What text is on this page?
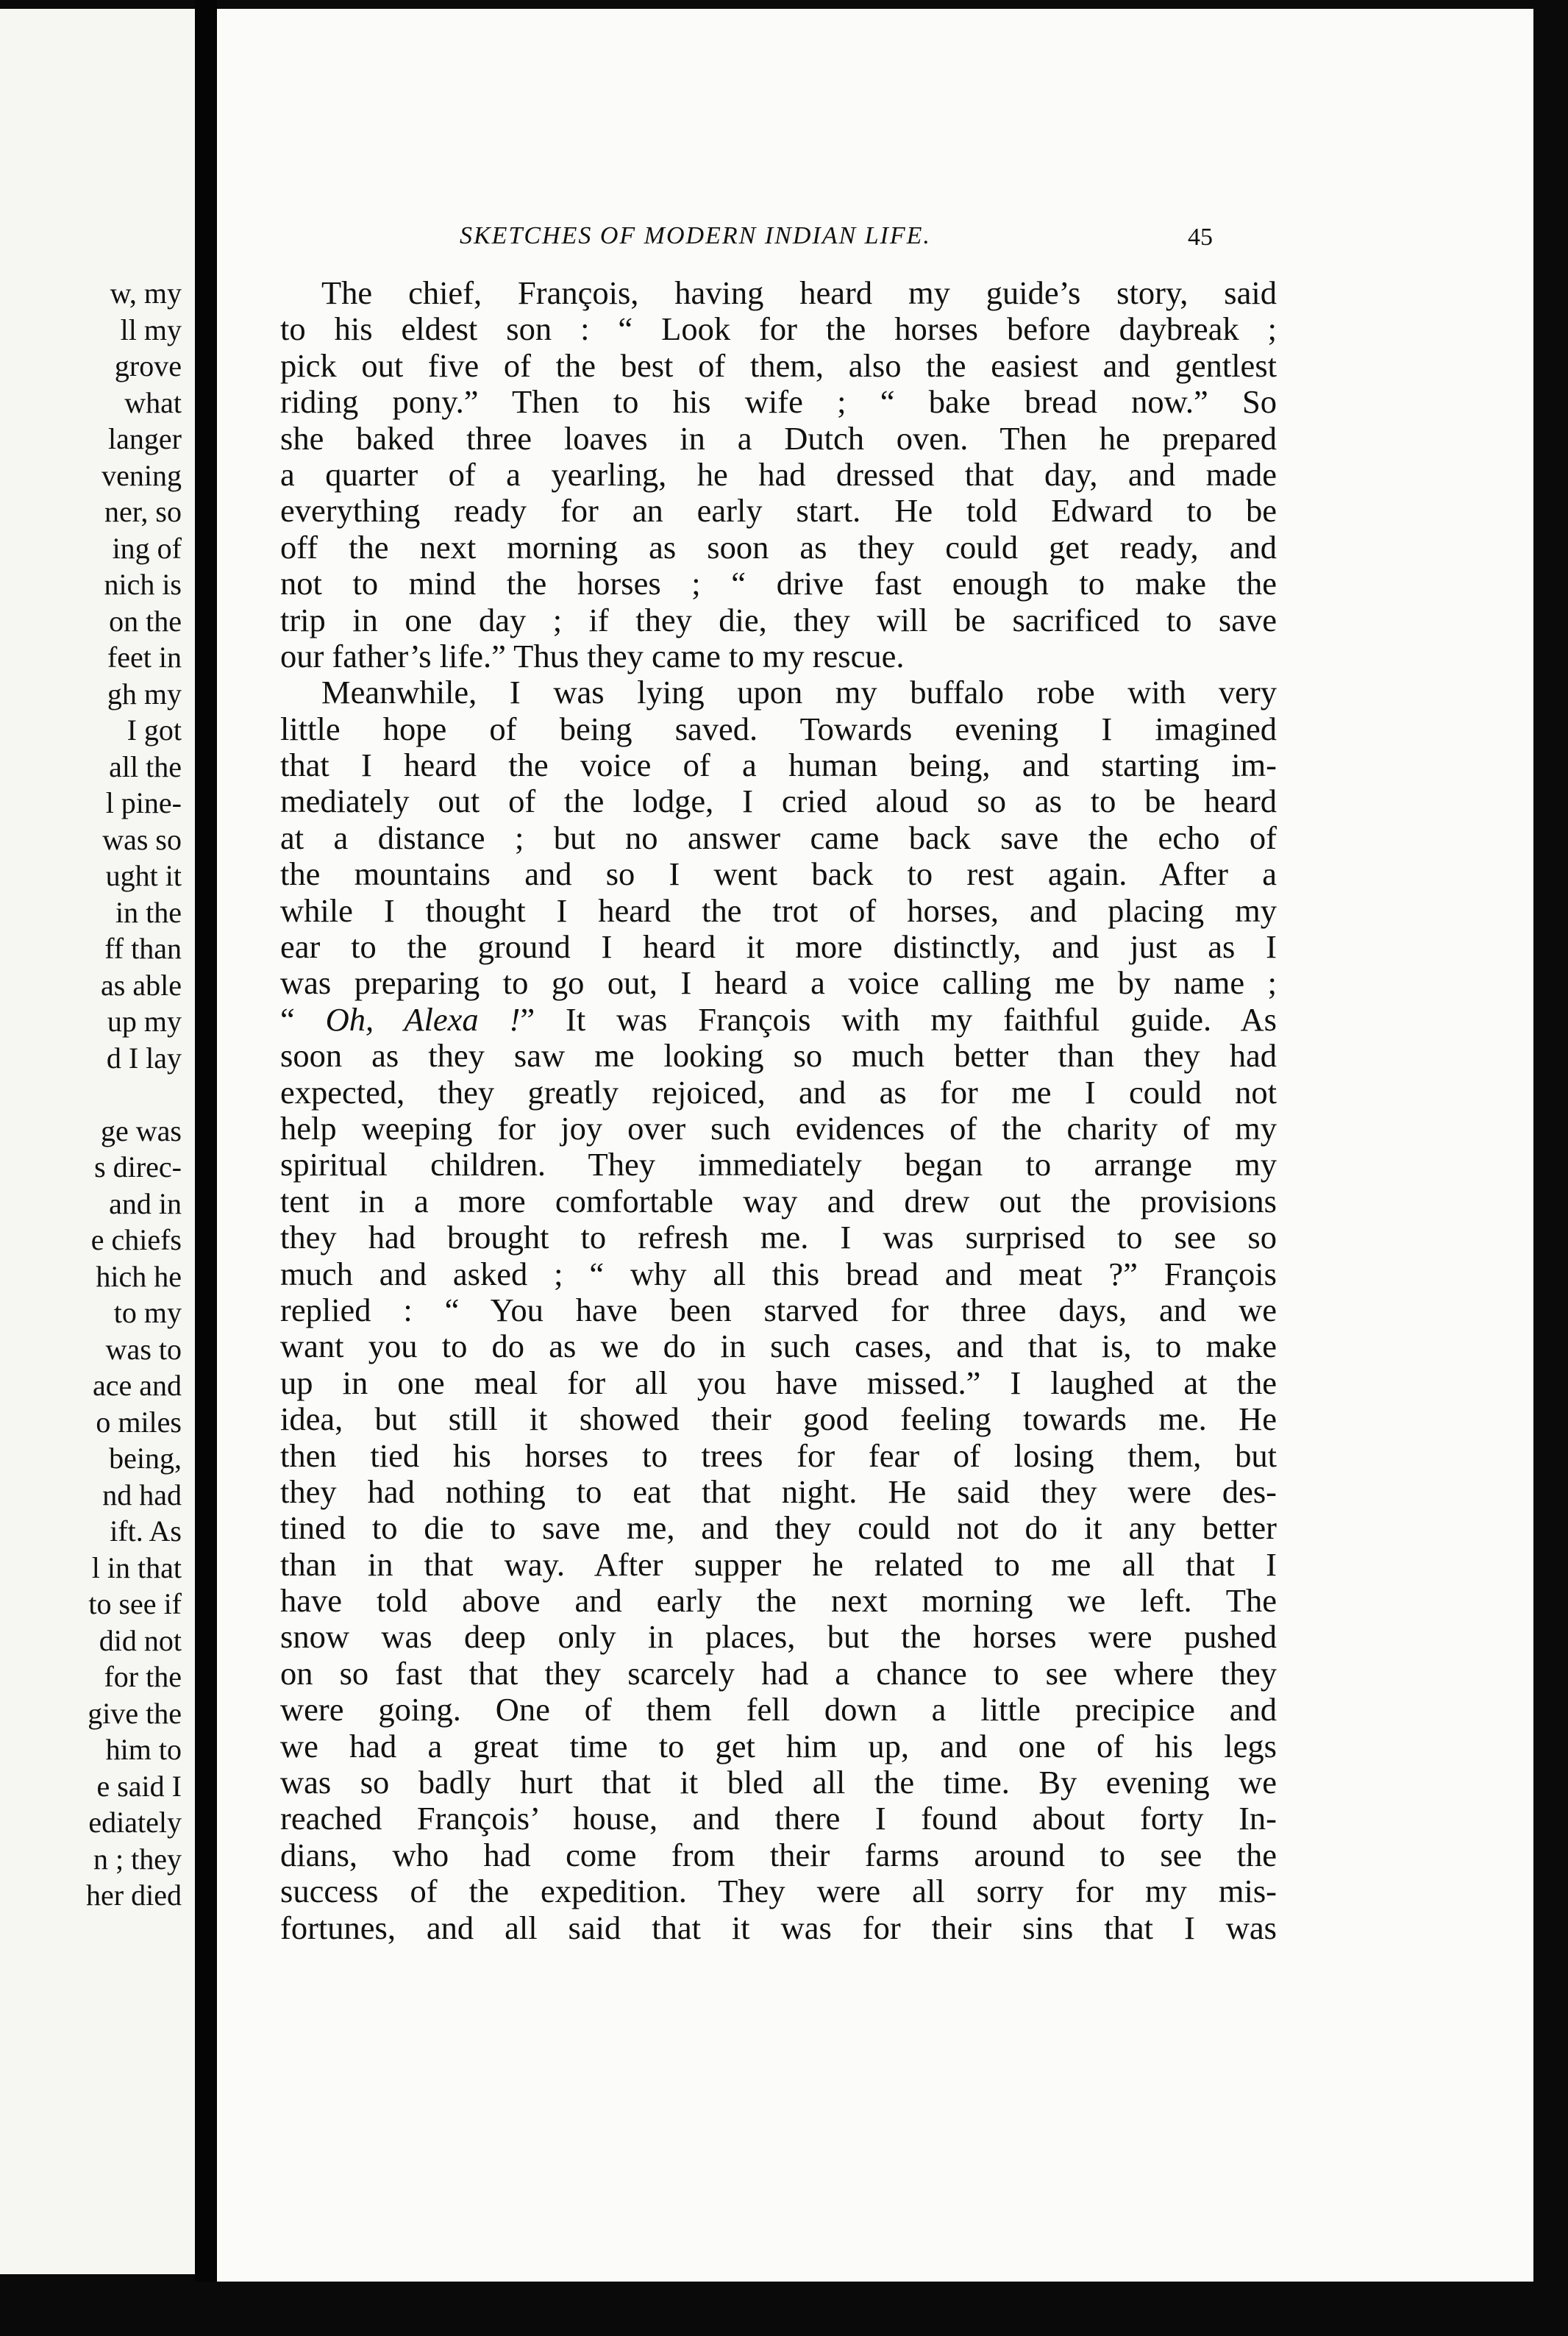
w, my
ll my
grove
what
langer
vening
ner, so
ing of
nich is
on the
feet in
gh my
I got
all the
l pine-
was so
ught it
in the
ff than
as able
up my
d I lay

ge was
s direc-
and in
e chiefs
hich he
to my
was to
ace and
o miles
being,
nd had
ift. As
l in that
to see if
did not
for the
give the
him to
e said I
ediately
n ; they
her died
SKETCHES OF MODERN INDIAN LIFE.	45
The chief, François, having heard my guide’s story, said
to his eldest son : “ Look for the horses before daybreak ;
pick out five of the best of them, also the easiest and gentlest
riding pony.” Then to his wife ; “ bake bread now.” So
she baked three loaves in a Dutch oven. Then he prepared
a quarter of a yearling, he had dressed that day, and made
everything ready for an early start. He told Edward to be
off the next morning as soon as they could get ready, and
not to mind the horses ; “ drive fast enough to make the
trip in one day ; if they die, they will be sacrificed to save
our father’s life.” Thus they came to my rescue.
Meanwhile, I was lying upon my buffalo robe with very
little hope of being saved. Towards evening I imagined
that I heard the voice of a human being, and starting im-
mediately out of the lodge, I cried aloud so as to be heard
at a distance ; but no answer came back save the echo of
the mountains and so I went back to rest again. After a
while I thought I heard the trot of horses, and placing my
ear to the ground I heard it more distinctly, and just as I
was preparing to go out, I heard a voice calling me by name ;
“ Oh, Alexa !” It was François with my faithful guide. As
soon as they saw me looking so much better than they had
expected, they greatly rejoiced, and as for me I could not
help weeping for joy over such evidences of the charity of my
spiritual children. They immediately began to arrange my
tent in a more comfortable way and drew out the provisions
they had brought to refresh me. I was surprised to see so
much and asked ; “ why all this bread and meat ?” François
replied : “ You have been starved for three days, and we
want you to do as we do in such cases, and that is, to make
up in one meal for all you have missed.” I laughed at the
idea, but still it showed their good feeling towards me. He
then tied his horses to trees for fear of losing them, but
they had nothing to eat that night. He said they were des-
tined to die to save me, and they could not do it any better
than in that way. After supper he related to me all that I
have told above and early the next morning we left. The
snow was deep only in places, but the horses were pushed
on so fast that they scarcely had a chance to see where they
were going. One of them fell down a little precipice and
we had a great time to get him up, and one of his legs
was so badly hurt that it bled all the time. By evening we
reached François’ house, and there I found about forty In-
dians, who had come from their farms around to see the
success of the expedition. They were all sorry for my mis-
fortunes, and all said that it was for their sins that I was
